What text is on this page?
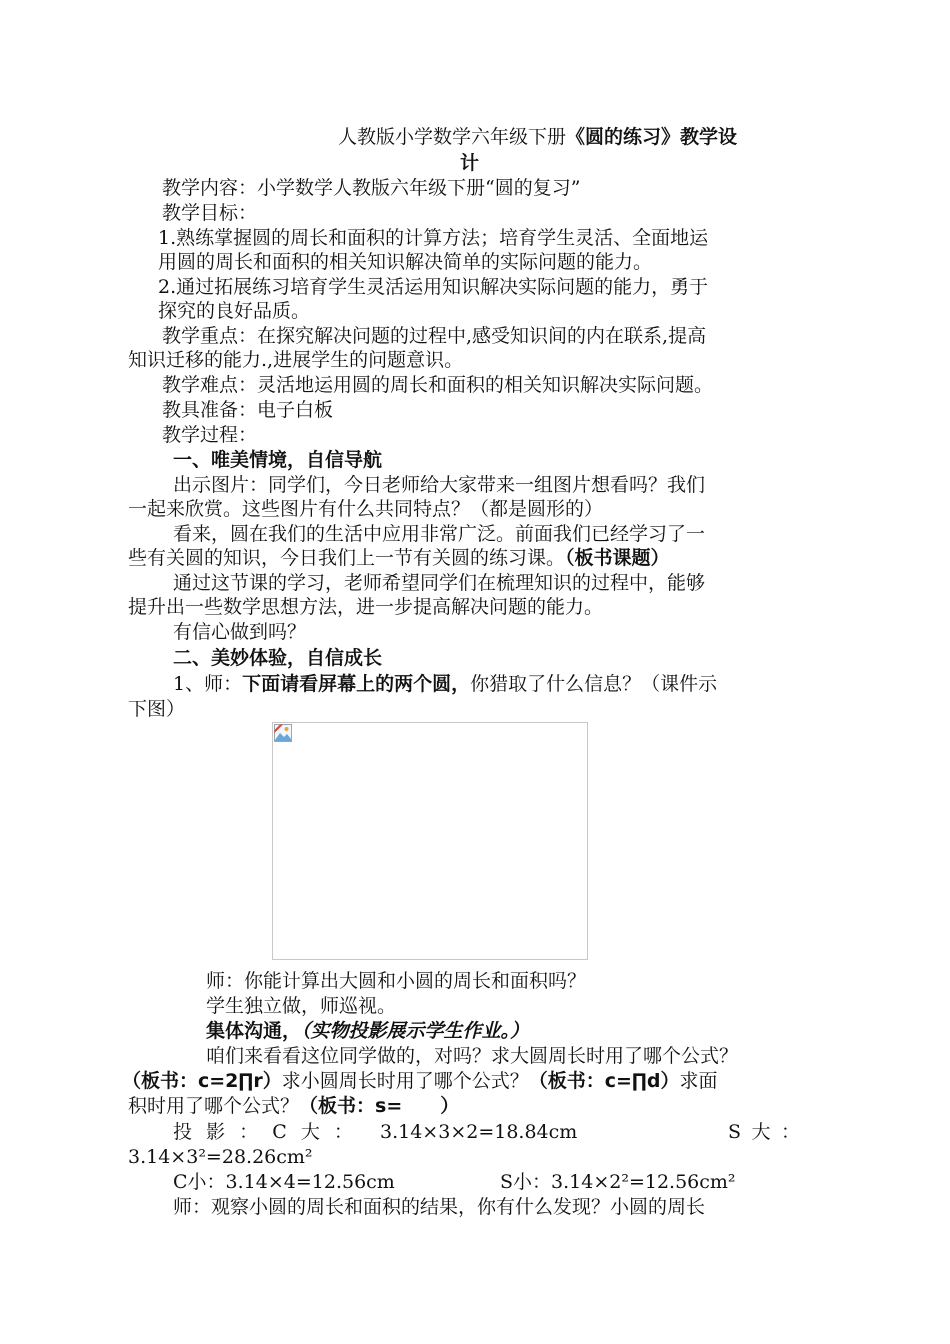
人教版小学数学六年级下册《圆的练习》教学设
计
教学内容：小学数学人教版六年级下册“圆的复习”
教学目标：
1.熟练掌握圆的周长和面积的计算方法；培育学生灵活、全面地运
用圆的周长和面积的相关知识解决简单的实际问题的能力。
2.通过拓展练习培育学生灵活运用知识解决实际问题的能力，勇于
探究的良好品质。
教学重点：在探究解决问题的过程中,感受知识间的内在联系,提高
知识迁移的能力.,进展学生的问题意识。
教学难点：灵活地运用圆的周长和面积的相关知识解决实际问题。
教具准备：电子白板
教学过程：
一、唯美情境，自信导航
出示图片：同学们，今日老师给大家带来一组图片想看吗？我们
一起来欣赏。这些图片有什么共同特点？（都是圆形的）
看来，圆在我们的生活中应用非常广泛。前面我们已经学习了一
些有关圆的知识，今日我们上一节有关圆的练习课。（板书课题）
通过这节课的学习，老师希望同学们在梳理知识的过程中，能够
提升出一些数学思想方法，进一步提高解决问题的能力。
有信心做到吗？
二、美妙体验，自信成长
1、师：下面请看屏幕上的两个圆，你猎取了什么信息？（课件示
下图）
师：你能计算出大圆和小圆的周长和面积吗？
学生独立做，师巡视。
集体沟通，（实物投影展示学生作业。）
咱们来看看这位同学做的，对吗？求大圆周长时用了哪个公式？
（板书：c=2∏r）求小圆周长时用了哪个公式？（板书：c=∏d）求面
积时用了哪个公式？（板书：s=　　）
投 影 ： C 大 ： 3.14×3×2=18.84cm	S 大 ：
3.14×3²=28.26cm²
C小：3.14×4=12.56cm	S小：3.14×2²=12.56cm²
师：观察小圆的周长和面积的结果，你有什么发现？小圆的周长
